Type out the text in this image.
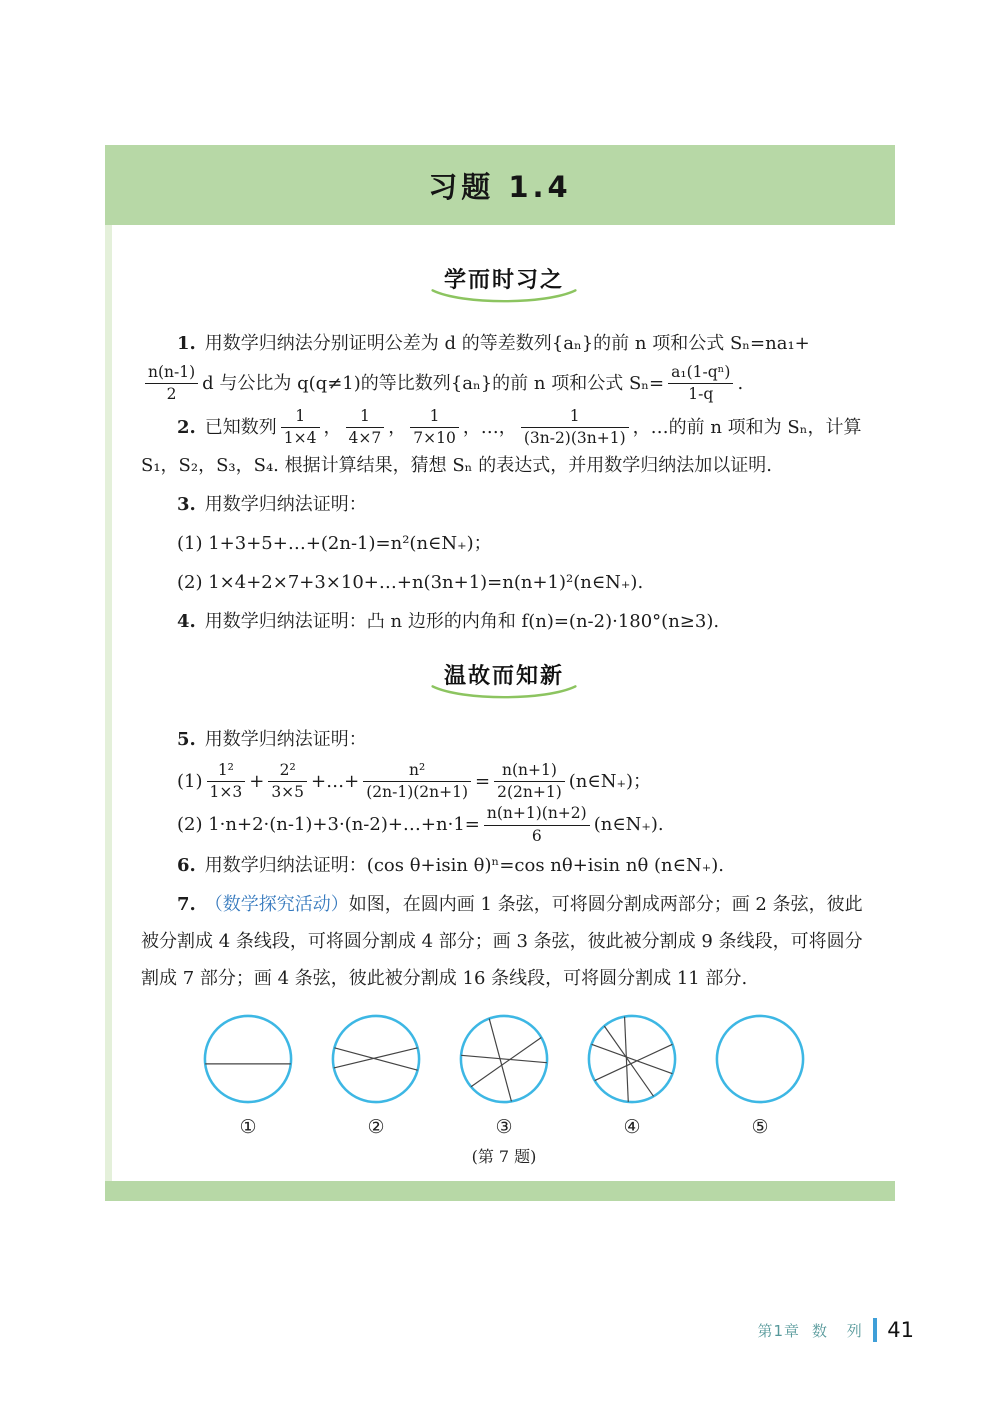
习题 1.4
学而时习之

1. 用数学归纳法分别证明公差为 d 的等差数列{aₙ}的前 n 项和公式 Sₙ=na₁+
$\frac{n(n-1)}{2}$ d 与公比为 q(q≠1)的等比数列{aₙ}的前 n 项和公式 $S_n= \frac{\text{a₁(1-qⁿ)}}{1-q}$ .

2. 已知数列 $\frac{1}{1\times 4}$ ， $\frac{1}{4\times 7}$ ， $\frac{1}{7\times 10}$ ，…， $\frac{1}{(3n-2)(3n+1)}$ ，…的前 n 项和为 Sₙ，计算 S₁，S₂，S₃，S₄. 根据计算结果，猜想 Sₙ 的表达式，并用数学归纳法加以证明.

3. 用数学归纳法证明：

(1) 1+3+5+…+(2n-1)=n²(n∈N₊)；

(2) 1×4+2×7+3×10+…+n(3n+1)=n(n+1)²(n∈N₊).

4. 用数学归纳法证明：凸 n 边形的内角和 f(n)=(n-2)·180°(n≥3).

温故而知新

5. 用数学归纳法证明：

$(1) \frac{\text{1²}}{1\times 3} + \frac{\text{2²}}{3\times 5}$ +…+ $\frac{\text{n²}}{(2n-1)(2n+1)} = \frac{n(n+1)}{2(2n+1)}$ (n∈N₊)；

(2) 1·n+2·(n-1)+3·(n-2)+…+n·1= $\frac{n(n+1)(n+2)}{6}$ (n∈N₊).

6. 用数学归纳法证明：(cos θ+isin θ)ⁿ=cos nθ+isin nθ (n∈N₊).

7. （数学探究活动）如图，在圆内画 1 条弦，可将圆分割成两部分；画 2 条弦，彼此被分割成 4 条线段，可将圆分割成 4 部分；画 3 条弦，彼此被分割成 9 条线段，可将圆分割成 7 部分；画 4 条弦，彼此被分割成 16 条线段，可将圆分割成 11 部分.

①	②	③	④	⑤
(第 7 题)
第1章 数 列 41
